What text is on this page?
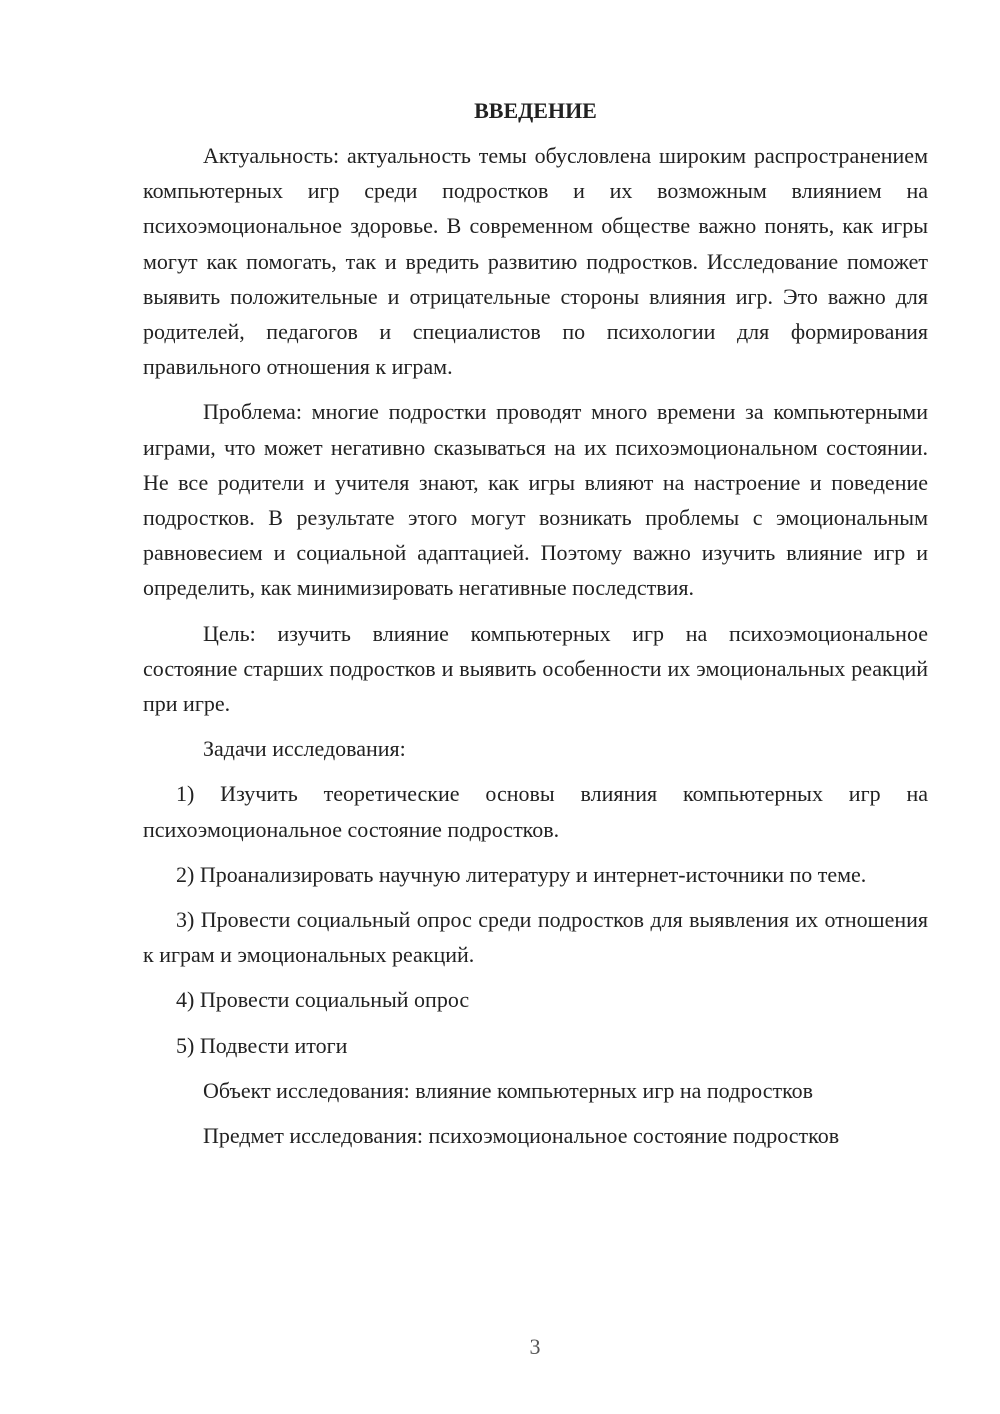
ВВЕДЕНИЕ

Актуальность: актуальность темы обусловлена широким распространением компьютерных игр среди подростков и их возможным влиянием на психоэмоциональное здоровье. В современном обществе важно понять, как игры могут как помогать, так и вредить развитию подростков. Исследование поможет выявить положительные и отрицательные стороны влияния игр. Это важно для родителей, педагогов и специалистов по психологии для формирования правильного отношения к играм.

Проблема: многие подростки проводят много времени за компьютерными играми, что может негативно сказываться на их психоэмоциональном состоянии. Не все родители и учителя знают, как игры влияют на настроение и поведение подростков. В результате этого могут возникать проблемы с эмоциональным равновесием и социальной адаптацией. Поэтому важно изучить влияние игр и определить, как минимизировать негативные последствия.

Цель: изучить влияние компьютерных игр на психоэмоциональное состояние старших подростков и выявить особенности их эмоциональных реакций при игре.

Задачи исследования:

1) Изучить теоретические основы влияния компьютерных игр на психоэмоциональное состояние подростков.

2) Проанализировать научную литературу и интернет-источники по теме.

3) Провести социальный опрос среди подростков для выявления их отношения к играм и эмоциональных реакций.

4) Провести социальный опрос

5) Подвести итоги

Объект исследования: влияние компьютерных игр на подростков

Предмет исследования: психоэмоциональное состояние подростков

3
